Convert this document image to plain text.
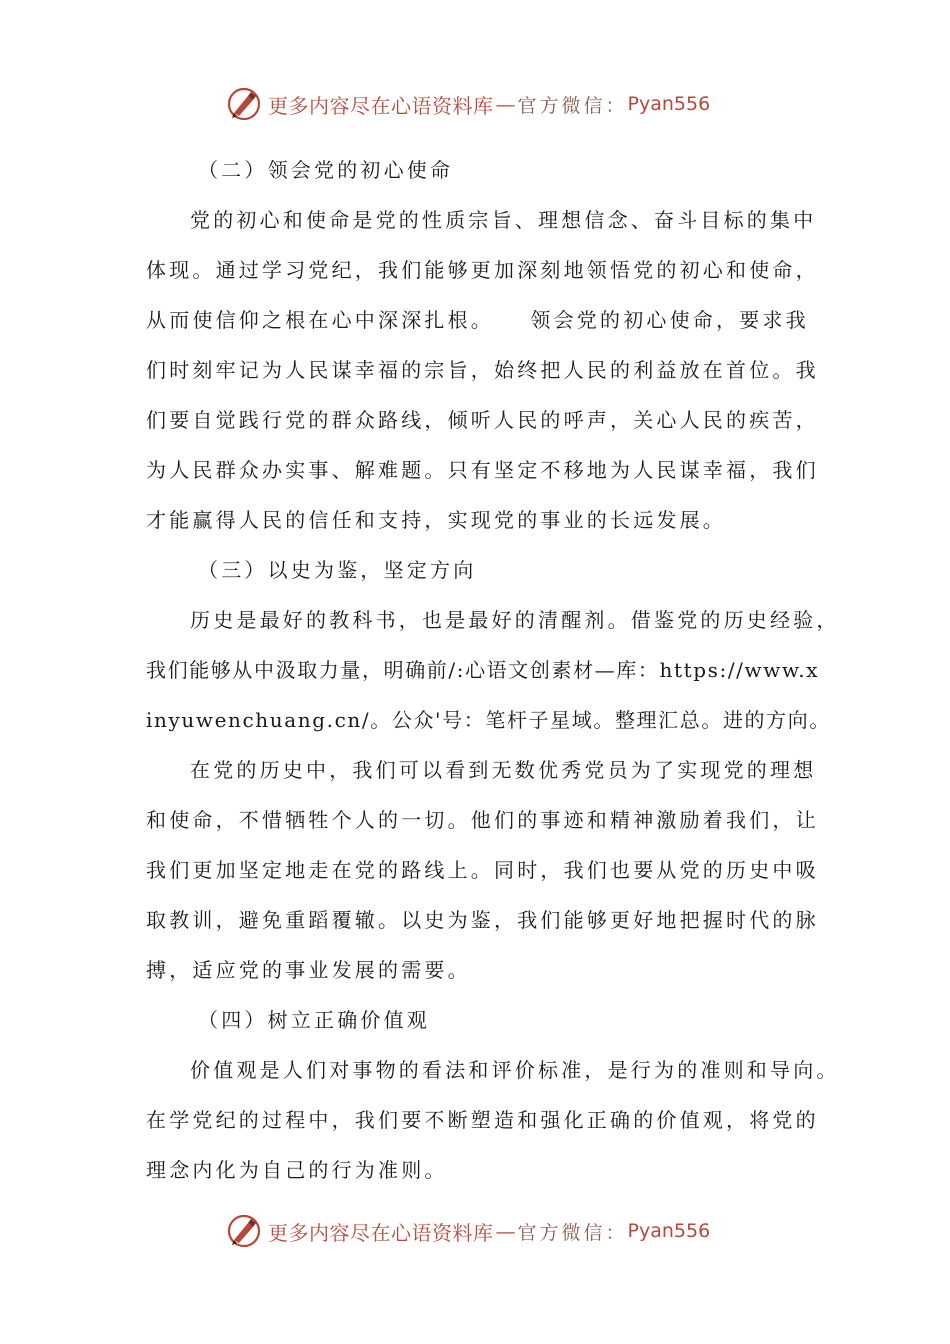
更多内容尽在心语资料库 — 官方微信： Pyan556
（二）领会党的初心使命
党的初心和使命是党的性质宗旨、理想信念、奋斗目标的集中
体现。通过学习党纪，我们能够更加深刻地领悟党的初心和使命，
从而使信仰之根在心中深深扎根。　　领会党的初心使命，要求我
们时刻牢记为人民谋幸福的宗旨，始终把人民的利益放在首位。我
们要自觉践行党的群众路线，倾听人民的呼声，关心人民的疾苦，
为人民群众办实事、解难题。只有坚定不移地为人民谋幸福，我们
才能赢得人民的信任和支持，实现党的事业的长远发展。
（三）以史为鉴，坚定方向
历史是最好的教科书，也是最好的清醒剂。借鉴党的历史经验，
我们能够从中汲取力量，明确前/:心语文创素材—库：https://www.x
inyuwenchuang.cn/。公众'号：笔杆子星域。整理汇总。进的方向。
在党的历史中，我们可以看到无数优秀党员为了实现党的理想
和使命，不惜牺牲个人的一切。他们的事迹和精神激励着我们，让
我们更加坚定地走在党的路线上。同时，我们也要从党的历史中吸
取教训，避免重蹈覆辙。以史为鉴，我们能够更好地把握时代的脉
搏，适应党的事业发展的需要。
（四）树立正确价值观
价值观是人们对事物的看法和评价标准，是行为的准则和导向。
在学党纪的过程中，我们要不断塑造和强化正确的价值观，将党的
理念内化为自己的行为准则。
更多内容尽在心语资料库 — 官方微信： Pyan556
